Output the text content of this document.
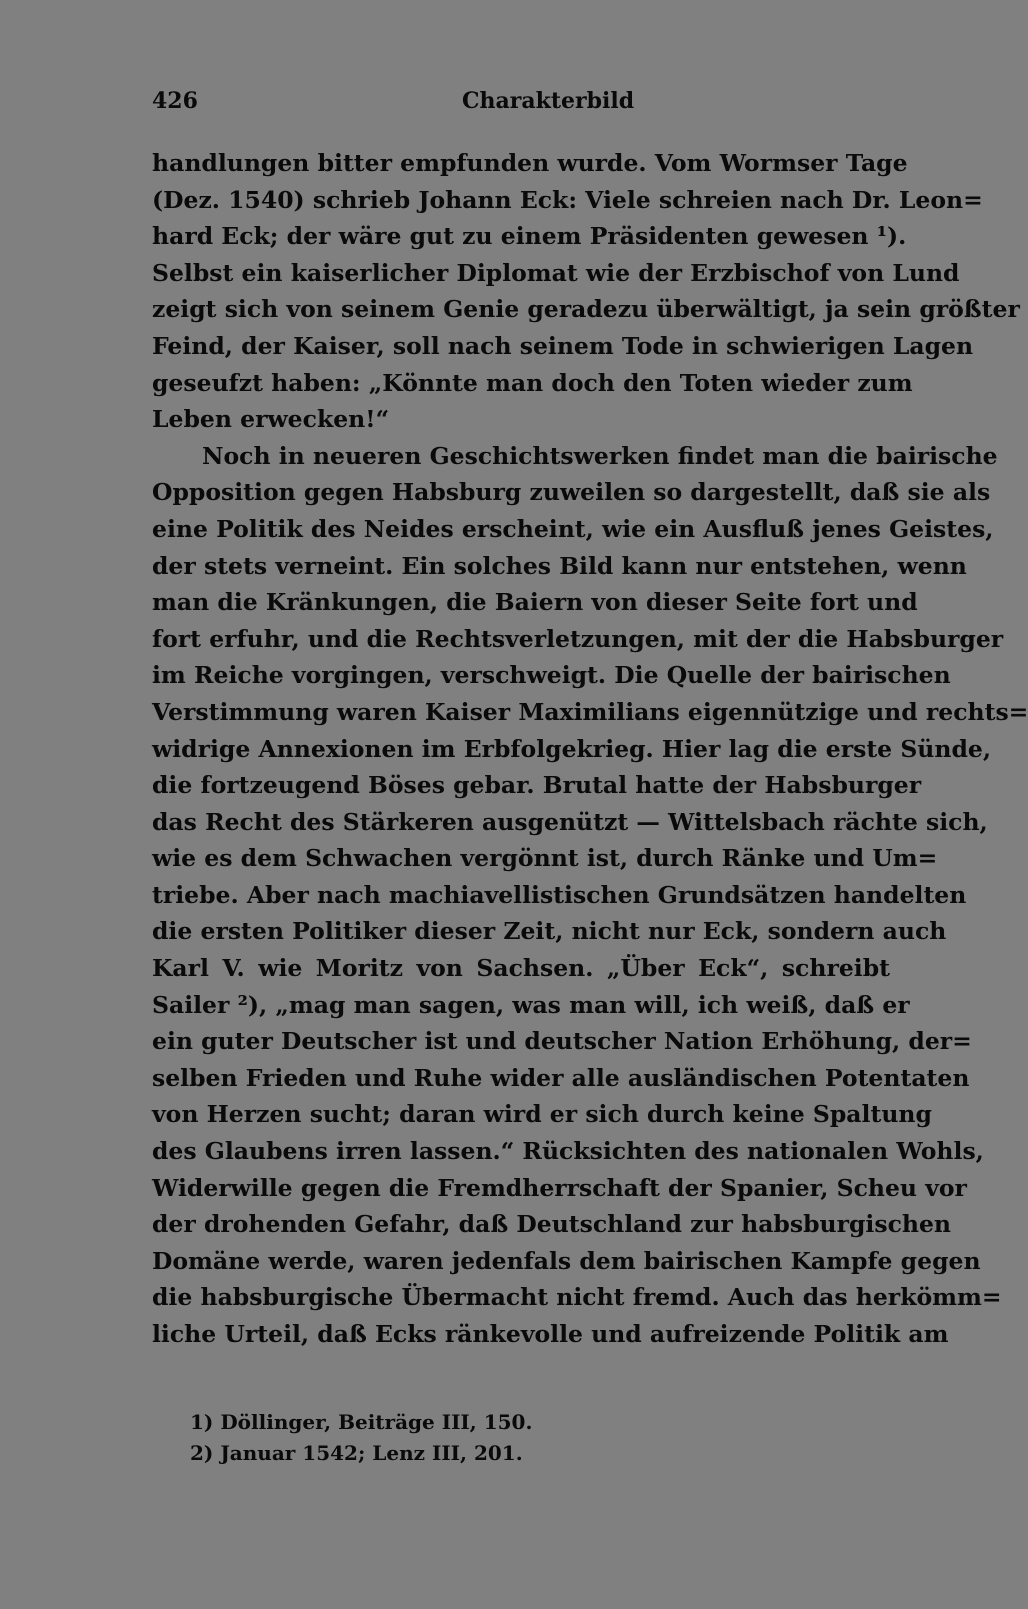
426	Charakterbild
handlungen bitter empfunden wurde. Vom Wormser Tage
(Dez. 1540) schrieb Johann Eck: Viele schreien nach Dr. Leon=
hard Eck; der wäre gut zu einem Präsidenten gewesen ¹).
Selbst ein kaiserlicher Diplomat wie der Erzbischof von Lund
zeigt sich von seinem Genie geradezu überwältigt, ja sein größter
Feind, der Kaiser, soll nach seinem Tode in schwierigen Lagen
geseufzt haben: „Könnte man doch den Toten wieder zum
Leben erwecken!“
Noch in neueren Geschichtswerken findet man die bairische
Opposition gegen Habsburg zuweilen so dargestellt, daß sie als
eine Politik des Neides erscheint, wie ein Ausfluß jenes Geistes,
der stets verneint. Ein solches Bild kann nur entstehen, wenn
man die Kränkungen, die Baiern von dieser Seite fort und
fort erfuhr, und die Rechtsverletzungen, mit der die Habsburger
im Reiche vorgingen, verschweigt. Die Quelle der bairischen
Verstimmung waren Kaiser Maximilians eigennützige und rechts=
widrige Annexionen im Erbfolgekrieg. Hier lag die erste Sünde,
die fortzeugend Böses gebar. Brutal hatte der Habsburger
das Recht des Stärkeren ausgenützt — Wittelsbach rächte sich,
wie es dem Schwachen vergönnt ist, durch Ränke und Um=
triebe. Aber nach machiavellistischen Grundsätzen handelten
die ersten Politiker dieser Zeit, nicht nur Eck, sondern auch
Karl V. wie Moritz von Sachsen. „Über Eck“, schreibt
Sailer ²), „mag man sagen, was man will, ich weiß, daß er
ein guter Deutscher ist und deutscher Nation Erhöhung, der=
selben Frieden und Ruhe wider alle ausländischen Potentaten
von Herzen sucht; daran wird er sich durch keine Spaltung
des Glaubens irren lassen.“ Rücksichten des nationalen Wohls,
Widerwille gegen die Fremdherrschaft der Spanier, Scheu vor
der drohenden Gefahr, daß Deutschland zur habsburgischen
Domäne werde, waren jedenfals dem bairischen Kampfe gegen
die habsburgische Übermacht nicht fremd. Auch das herkömm=
liche Urteil, daß Ecks ränkevolle und aufreizende Politik am
1) Döllinger, Beiträge III, 150.
2) Januar 1542; Lenz III, 201.
